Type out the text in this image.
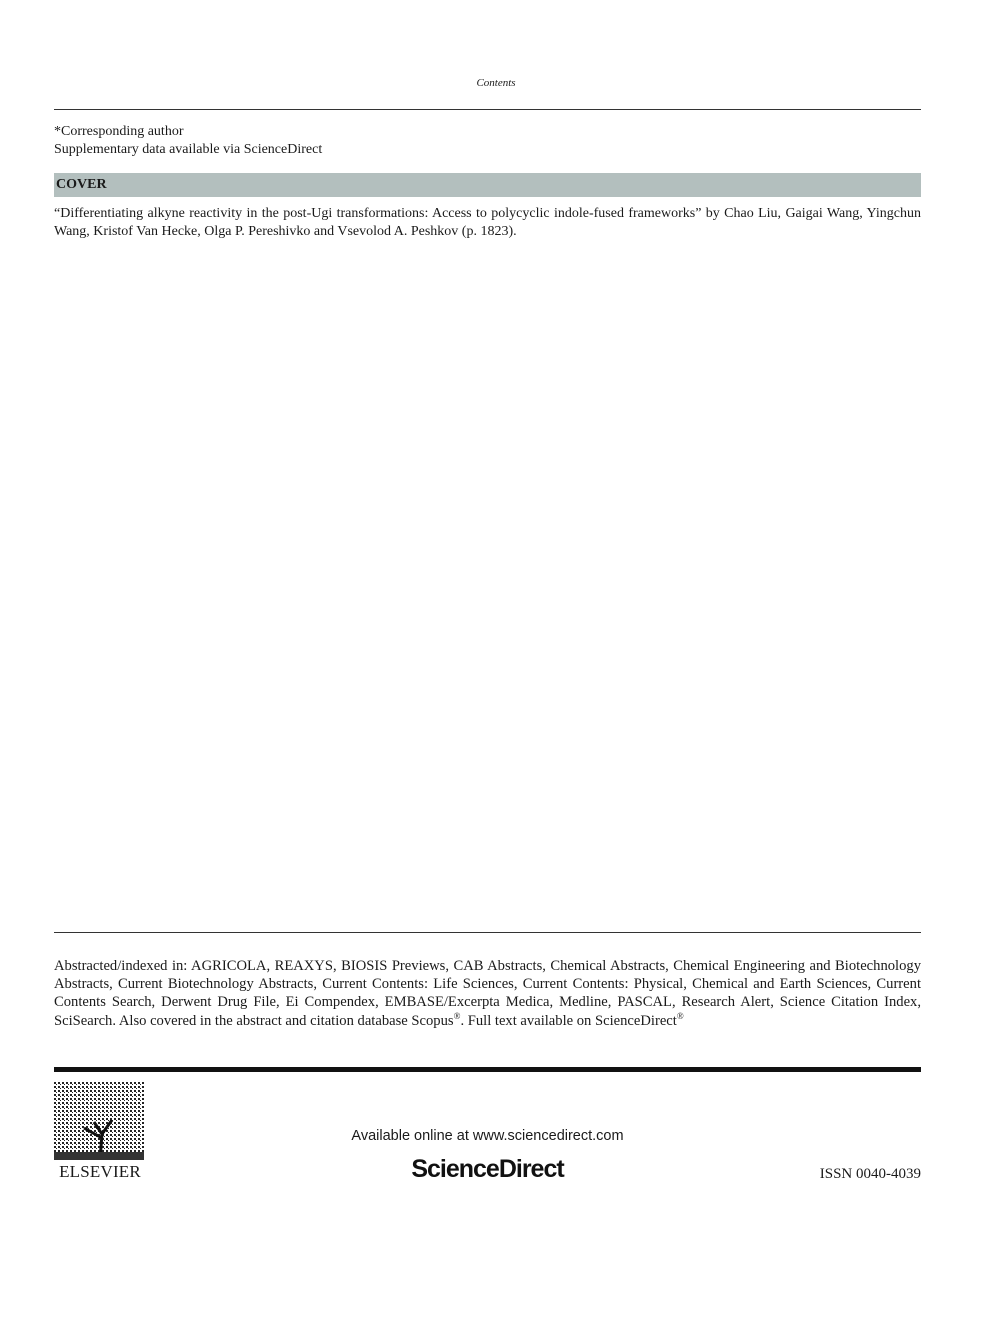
Contents
*Corresponding author
Supplementary data available via ScienceDirect
COVER
“Differentiating alkyne reactivity in the post-Ugi transformations: Access to polycyclic indole-fused frameworks” by Chao Liu, Gaigai Wang, Yingchun Wang, Kristof Van Hecke, Olga P. Pereshivko and Vsevolod A. Peshkov (p. 1823).
Abstracted/indexed in: AGRICOLA, REAXYS, BIOSIS Previews, CAB Abstracts, Chemical Abstracts, Chemical Engineering and Biotechnology Abstracts, Current Biotechnology Abstracts, Current Contents: Life Sciences, Current Contents: Physical, Chemical and Earth Sciences, Current Contents Search, Derwent Drug File, Ei Compendex, EMBASE/Excerpta Medica, Medline, PASCAL, Research Alert, Science Citation Index, SciSearch. Also covered in the abstract and citation database Scopus®. Full text available on ScienceDirect®
ELSEVIER
Available online at www.sciencedirect.com
ScienceDirect	ISSN 0040-4039
